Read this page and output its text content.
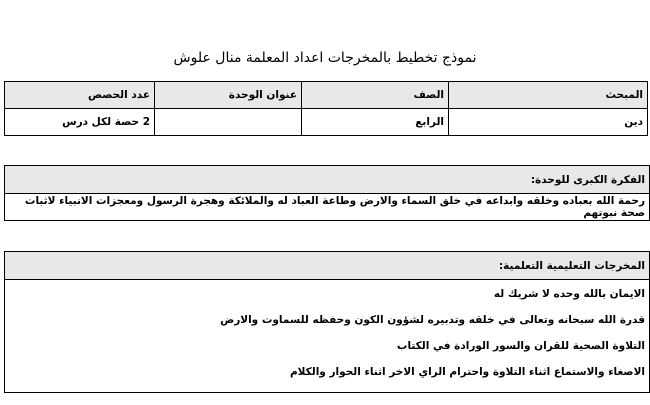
نموذج تخطيط بالمخرجات اعداد المعلمة منال علوش
المبحث	الصف	عنوان الوحدة	عدد الحصص
دين	الرابع		2 حصة لكل درس
الفكرة الكبرى للوحدة:
رحمة الله بعباده وخلقه وابداعه في خلق السماء والارض وطاعة العباد له والملائكة وهجرة الرسول ومعجزات الانبياء لاثبات صحة نبوتهم
المخرجات التعليمية التعلمية:
الايمان بالله وحده لا شريك له
قدرة الله سبحانه وتعالى في خلقه وتدبيره لشؤون الكون وحفظه للسماوت والارض
التلاوة الصحية للقران والسور الورادة في الكتاب
الاصغاء والاستماع اثناء التلاوة واحترام الراي الاخر اثناء الحوار والكلام
